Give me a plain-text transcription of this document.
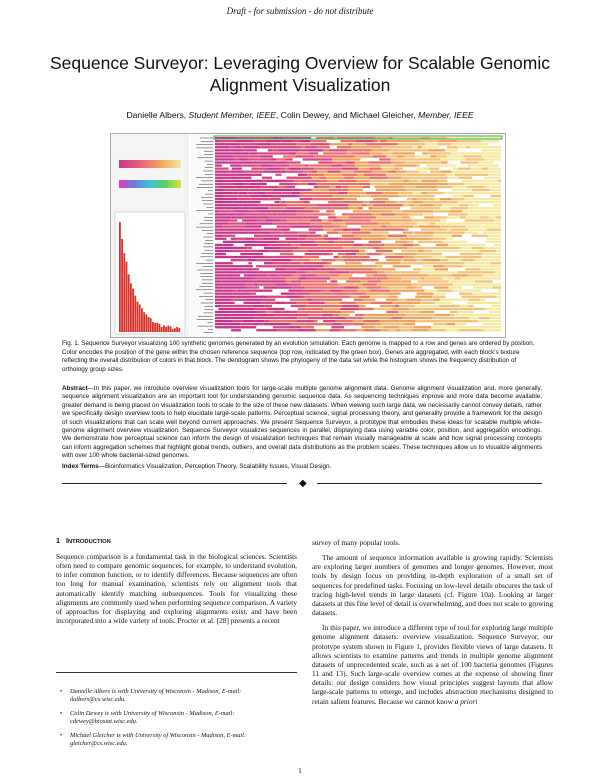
Draft - for submission - do not distribute
Sequence Surveyor: Leveraging Overview for Scalable Genomic
Alignment Visualization
Danielle Albers, Student Member, IEEE, Colin Dewey, and Michael Gleicher, Member, IEEE
Fig. 1. Sequence Surveyor visualizing 100 synthetic genomes generated by an evolution simulation. Each genome is mapped to a row and genes are ordered by position. Color encodes the position of the gene within the chosen reference sequence (top row, indicated by the green box). Genes are aggregated, with each block's texture reflecting the overall distribution of colors in that block. The dendogram shows the phylogeny of the data set while the histogram shows the frequency distribution of orthology group sizes.
Abstract—In this paper, we introduce overview visualization tools for large-scale multiple genome alignment data. Genome alignment visualization and, more generally, sequence alignment visualization are an important tool for understanding genomic sequence data. As sequencing techniques improve and more data become available, greater demand is being placed on visualization tools to scale to the size of these new datasets. When viewing such large data, we necessarily cannot convey details, rather we specifically design overview tools to help elucidate large-scale patterns. Perceptual science, signal processing theory, and generality provide a framework for the design of such visualizations that can scale well beyond current approaches. We present Sequence Surveyor, a prototype that embodies these ideas for scalable multiple whole-genome alignment overview visualization. Sequence Surveyor visualizes sequences in parallel, displaying data using variable color, position, and aggregation encodings. We demonstrate how perceptual science can inform the design of visualization techniques that remain visually manageable at scale and how signal processing concepts can inform aggregation schemes that highlight global trends, outliers, and overall data distributions as the problem scales. These techniques allow us to visualize alignments with over 100 whole bacterial-sized genomes.
Index Terms—Bioinformatics Visualization, Perception Theory, Scalability Issues, Visual Design.
◆
1 INTRODUCTION

Sequence comparison is a fundamental task in the biological sciences. Scientists often need to compare genomic sequences, for example, to understand evolution, to infer common function, or to identify differences. Because sequences are often too long for manual examination, scientists rely on alignment tools that automatically identify matching subsequences. Tools for visualizing these alignments are commonly used when performing sequence comparison. A variety of approaches for displaying and exploring alignments exist, and have been incorporated into a wide variety of tools. Procter et al. [28] presents a recent

survey of many popular tools.

The amount of sequence information available is growing rapidly. Scientists are exploring larger numbers of genomes and longer genomes. However, most tools by design focus on providing in-depth exploration of a small set of sequences for predefined tasks. Focusing on low-level details obscures the task of tracing high-level trends in large datasets (cf. Figure 10a). Looking at larger datasets at this fine level of detail is overwhelming, and does not scale to growing datasets.

In this paper, we introduce a different type of tool for exploring large multiple genome alignment datasets: overview visualization. Sequence Surveyor, our prototype system shown in Figure 1, provides flexible views of large datasets. It allows scientists to examine patterns and trends in multiple genome alignment datasets of unprecedented scale, such as a set of 100 bacteria genomes (Figures 11 and 13). Such large-scale overview comes at the expense of showing finer details: our design considers how visual principles suggest layouts that allow large-scale patterns to emerge, and includes abstraction mechanisms designed to retain salient features. Because we cannot know a priori

• Danielle Albers is with University of Wisconsin - Madison, E-mail: dalbers@cs.wisc.edu.
• Colin Dewey is with University of Wisconsin - Madison, E-mail: cdewey@biostat.wisc.edu.
• Michael Gleicher is with University of Wisconsin - Madison, E-mail: gleicher@cs.wisc.edu.
1
